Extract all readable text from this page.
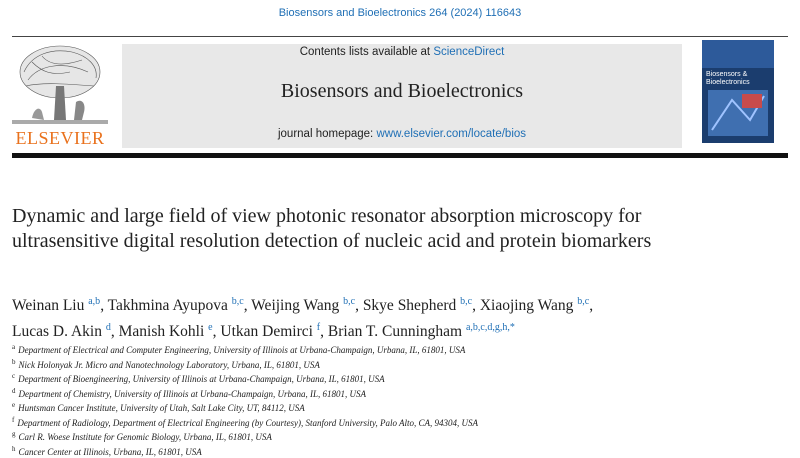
Biosensors and Bioelectronics 264 (2024) 116643
ELSEVIER
Contents lists available at ScienceDirect
Biosensors and Bioelectronics
journal homepage: www.elsevier.com/locate/bios
Biosensors &
Bioelectronics
Dynamic and large field of view photonic resonator absorption microscopy for ultrasensitive digital resolution detection of nucleic acid and protein biomarkers
Weinan Liu $^{a,b}$, Takhmina Ayupova $^{b,c}$, Weijing Wang $^{b,c}$, Skye Shepherd $^{b,c}$, Xiaojing Wang $^{b,c}$,
Lucas D. Akin $^d$, Manish Kohli $^e$, Utkan Demirci $^f$, Brian T. Cunningham $^{a,b,c,d,g,h,*}$
$^a$ Department of Electrical and Computer Engineering, University of Illinois at Urbana-Champaign, Urbana, IL, 61801, USA
$^b$ Nick Holonyak Jr. Micro and Nanotechnology Laboratory, Urbana, IL, 61801, USA
$^c$ Department of Bioengineering, University of Illinois at Urbana-Champaign, Urbana, IL, 61801, USA
$^d$ Department of Chemistry, University of Illinois at Urbana-Champaign, Urbana, IL, 61801, USA
$^e$ Huntsman Cancer Institute, University of Utah, Salt Lake City, UT, 84112, USA
$^f$ Department of Radiology, Department of Electrical Engineering (by Courtesy), Stanford University, Palo Alto, CA, 94304, USA
$^g$ Carl R. Woese Institute for Genomic Biology, Urbana, IL, 61801, USA
$^h$ Cancer Center at Illinois, Urbana, IL, 61801, USA
